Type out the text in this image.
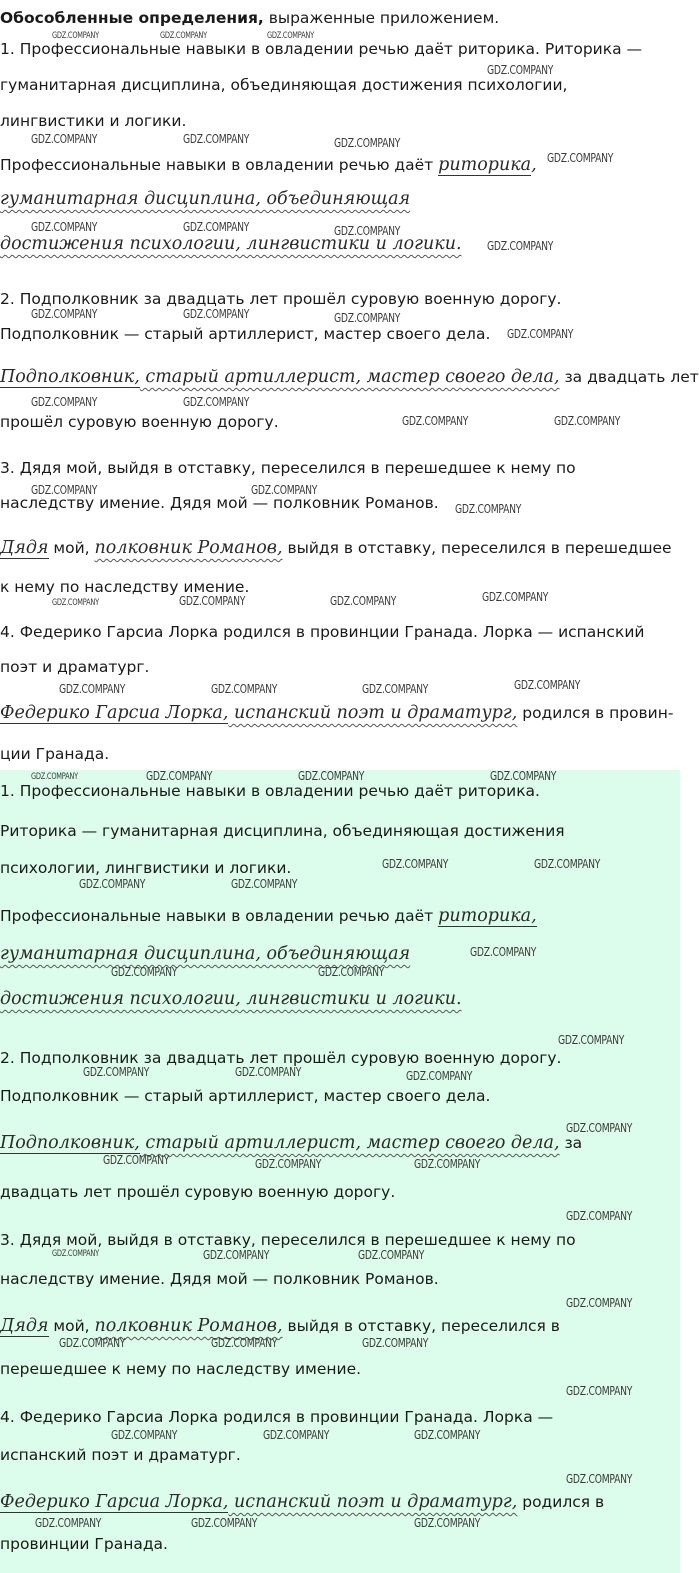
Обособленные определения, выраженные приложением.
1. Профессиональные навыки в овладении речью даёт риторика. Риторика —
гуманитарная дисциплина, объединяющая достижения психологии,
лингвистики и логики.
Профессиональные навыки в овладении речью даёт риторика,
гуманитарная дисциплина, объединяющая
достижения психологии, лингвистики и логики.
2. Подполковник за двадцать лет прошёл суровую военную дорогу.
Подполковник — старый артиллерист, мастер своего дела.
Подполковник, старый артиллерист, мастер своего дела, за двадцать лет
прошёл суровую военную дорогу.
3. Дядя мой, выйдя в отставку, переселился в перешедшее к нему по
наследству имение. Дядя мой — полковник Романов.
Дядя мой, полковник Романов, выйдя в отставку, переселился в перешедшее
к нему по наследству имение.
4. Федерико Гарсиа Лорка родился в провинции Гранада. Лорка — испанский
поэт и драматург.
Федерико Гарсиа Лорка, испанский поэт и драматург, родился в провин-
ции Гранада.
1. Профессиональные навыки в овладении речью даёт риторика.
Риторика — гуманитарная дисциплина, объединяющая достижения
психологии, лингвистики и логики.
Профессиональные навыки в овладении речью даёт риторика,
гуманитарная дисциплина, объединяющая
достижения психологии, лингвистики и логики.
2. Подполковник за двадцать лет прошёл суровую военную дорогу.
Подполковник — старый артиллерист, мастер своего дела.
Подполковник, старый артиллерист, мастер своего дела, за
двадцать лет прошёл суровую военную дорогу.
3. Дядя мой, выйдя в отставку, переселился в перешедшее к нему по
наследству имение. Дядя мой — полковник Романов.
Дядя мой, полковник Романов, выйдя в отставку, переселился в
перешедшее к нему по наследству имение.
4. Федерико Гарсиа Лорка родился в провинции Гранада. Лорка —
испанский поэт и драматург.
Федерико Гарсиа Лорка, испанский поэт и драматург, родился в
провинции Гранада.
GDZ.COMPANY	GDZ.COMPANY	GDZ.COMPANY
GDZ.COMPANY
GDZ.COMPANY	GDZ.COMPANY	GDZ.COMPANY
GDZ.COMPANY
GDZ.COMPANY	GDZ.COMPANY	GDZ.COMPANY
GDZ.COMPANY
GDZ.COMPANY	GDZ.COMPANY	GDZ.COMPANY
GDZ.COMPANY
GDZ.COMPANY	GDZ.COMPANY
GDZ.COMPANY	GDZ.COMPANY
GDZ.COMPANY	GDZ.COMPANY
GDZ.COMPANY
GDZ.COMPANY	GDZ.COMPANY	GDZ.COMPANY	GDZ.COMPANY
GDZ.COMPANY	GDZ.COMPANY	GDZ.COMPANY	GDZ.COMPANY
GDZ.COMPANY	GDZ.COMPANY	GDZ.COMPANY	GDZ.COMPANY
GDZ.COMPANY	GDZ.COMPANY
GDZ.COMPANY	GDZ.COMPANY
GDZ.COMPANY
GDZ.COMPANY	GDZ.COMPANY
GDZ.COMPANY
GDZ.COMPANY	GDZ.COMPANY	GDZ.COMPANY
GDZ.COMPANY
GDZ.COMPANY	GDZ.COMPANY	GDZ.COMPANY
GDZ.COMPANY
GDZ.COMPANY	GDZ.COMPANY	GDZ.COMPANY
GDZ.COMPANY
GDZ.COMPANY	GDZ.COMPANY	GDZ.COMPANY
GDZ.COMPANY
GDZ.COMPANY	GDZ.COMPANY	GDZ.COMPANY
GDZ.COMPANY
GDZ.COMPANY	GDZ.COMPANY	GDZ.COMPANY
